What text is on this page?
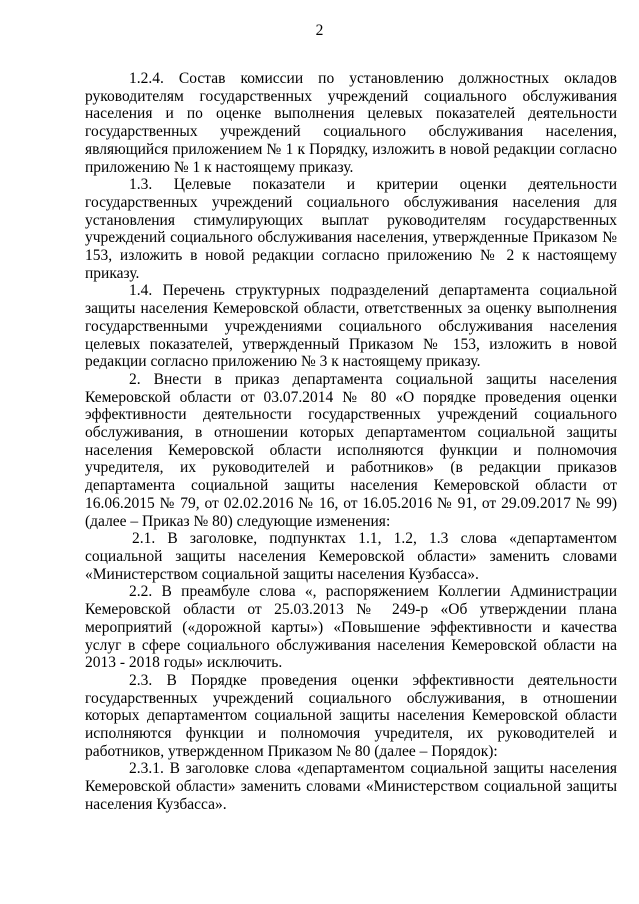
2

1.2.4. Состав комиссии по установлению должностных окладов руководителям государственных учреждений социального обслуживания населения и по оценке выполнения целевых показателей деятельности государственных учреждений социального обслуживания населения, являющийся приложением № 1 к Порядку, изложить в новой редакции согласно приложению № 1 к настоящему приказу.

1.3. Целевые показатели и критерии оценки деятельности государственных учреждений социального обслуживания населения для установления стимулирующих выплат руководителям государственных учреждений социального обслуживания населения, утвержденные Приказом № 153, изложить в новой редакции согласно приложению № 2 к настоящему приказу.

1.4. Перечень структурных подразделений департамента социальной защиты населения Кемеровской области, ответственных за оценку выполнения государственными учреждениями социального обслуживания населения целевых показателей, утвержденный Приказом № 153, изложить в новой редакции согласно приложению № 3 к настоящему приказу.

2. Внести в приказ департамента социальной защиты населения Кемеровской области от 03.07.2014 № 80 «О порядке проведения оценки эффективности деятельности государственных учреждений социального обслуживания, в отношении которых департаментом социальной защиты населения Кемеровской области исполняются функции и полномочия учредителя, их руководителей и работников» (в редакции приказов департамента социальной защиты населения Кемеровской области от 16.06.2015 № 79, от 02.02.2016 № 16, от 16.05.2016 № 91, от 29.09.2017 № 99) (далее – Приказ № 80) следующие изменения:

2.1. В заголовке, подпунктах 1.1, 1.2, 1.3 слова «департаментом социальной защиты населения Кемеровской области» заменить словами «Министерством социальной защиты населения Кузбасса».

2.2. В преамбуле слова «, распоряжением Коллегии Администрации Кемеровской области от 25.03.2013 № 249-р «Об утверждении плана мероприятий («дорожной карты») «Повышение эффективности и качества услуг в сфере социального обслуживания населения Кемеровской области на 2013 - 2018 годы» исключить.

2.3. В Порядке проведения оценки эффективности деятельности государственных учреждений социального обслуживания, в отношении которых департаментом социальной защиты населения Кемеровской области исполняются функции и полномочия учредителя, их руководителей и работников, утвержденном Приказом № 80 (далее – Порядок):

2.3.1. В заголовке слова «департаментом социальной защиты населения Кемеровской области» заменить словами «Министерством социальной защиты населения Кузбасса».
